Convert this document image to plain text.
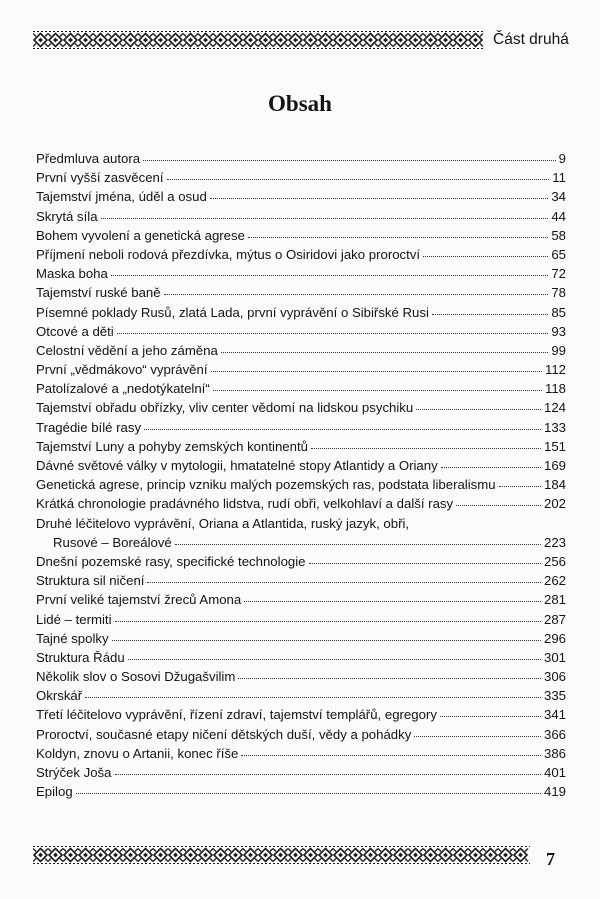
Část druhá
Obsah
Předmluva autora	9
První vyšší zasvěcení	11
Tajemství jména, úděl a osud	34
Skrytá síla	44
Bohem vyvolení a genetická agrese	58
Příjmení neboli rodová přezdívka, mýtus o Osiridovi jako proroctví	65
Maska boha	72
Tajemství ruské baně	78
Písemné poklady Rusů, zlatá Lada, první vyprávění o Sibiřské Rusi	85
Otcové a děti	93
Celostní vědění a jeho záměna	99
První „vědmákovo“ vyprávění	112
Patolízalové a „nedotýkatelní“	118
Tajemství obřadu obřízky, vliv center vědomí na lidskou psychiku	124
Tragédie bílé rasy	133
Tajemství Luny a pohyby zemských kontinentů	151
Dávné světové války v mytologii, hmatatelné stopy Atlantidy a Oriany	169
Genetická agrese, princip vzniku malých pozemských ras, podstata liberalismu	184
Krátká chronologie pradávného lidstva, rudí obři, velkohlaví a další rasy	202
Druhé léčitelovo vyprávění, Oriana a Atlantida, ruský jazyk, obři,
Rusové – Boreálové	223
Dnešní pozemské rasy, specifické technologie	256
Struktura sil ničení	262
První veliké tajemství žreců Amona	281
Lidé – termiti	287
Tajné spolky	296
Struktura Řádu	301
Několik slov o Sosovi Džugašvilim	306
Okrskář	335
Třetí léčitelovo vyprávění, řízení zdraví, tajemství templářů, egregory	341
Proroctví, současné etapy ničení dětských duší, vědy a pohádky	366
Koldyn, znovu o Artanii, konec říše	386
Strýček Joša	401
Epilog	419
7
